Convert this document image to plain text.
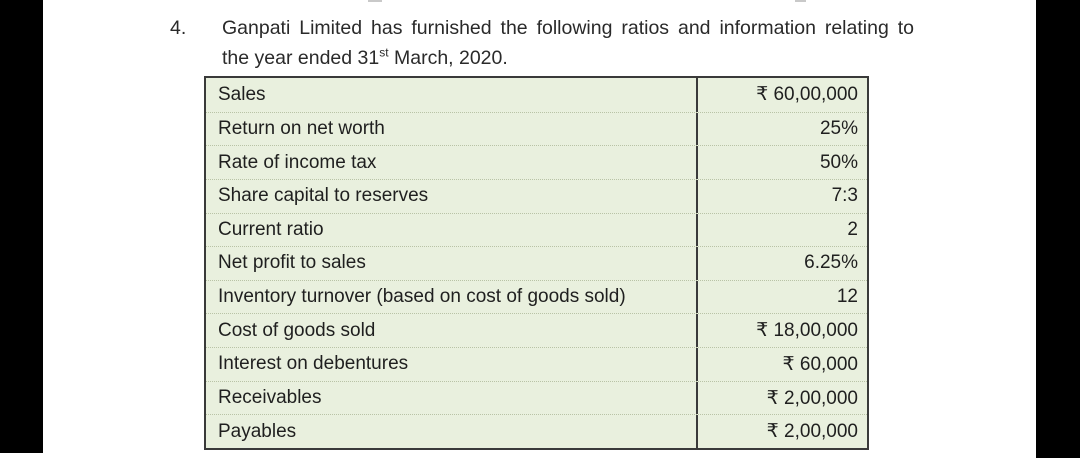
4. Ganpati Limited has furnished the following ratios and information relating to
the year ended 31st March, 2020.
Sales	₹ 60,00,000
Return on net worth	25%
Rate of income tax	50%
Share capital to reserves	7:3
Current ratio	2
Net profit to sales	6.25%
Inventory turnover (based on cost of goods sold)	12
Cost of goods sold	₹ 18,00,000
Interest on debentures	₹ 60,000
Receivables	₹ 2,00,000
Payables	₹ 2,00,000
